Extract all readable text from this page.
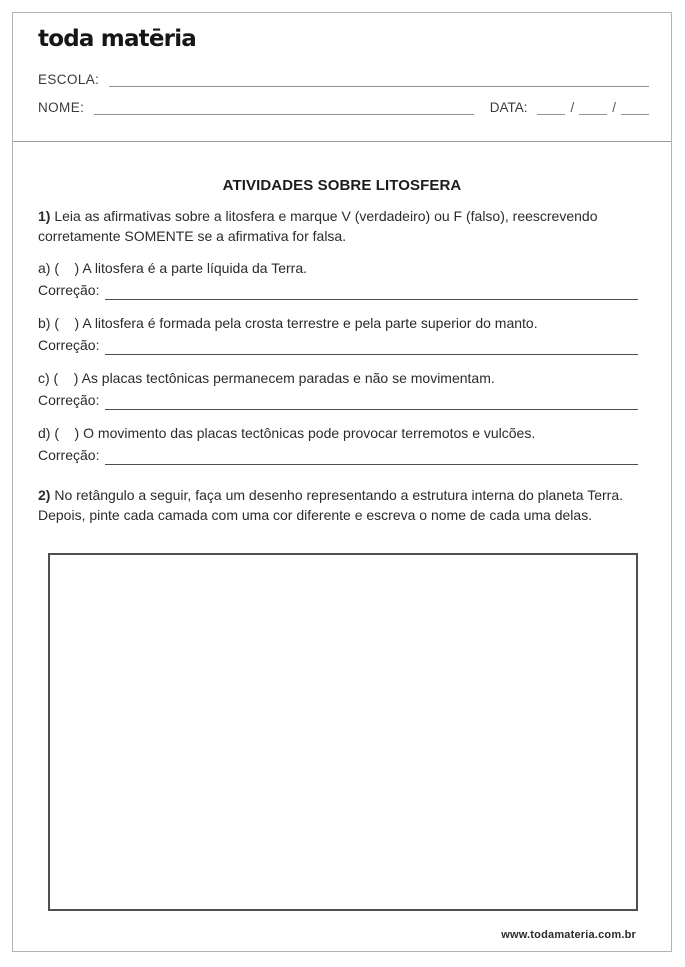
toda matēria
ESCOLA:
NOME:	DATA:	/	/
ATIVIDADES SOBRE LITOSFERA

1) Leia as afirmativas sobre a litosfera e marque V (verdadeiro) ou F (falso), reescrevendo corretamente SOMENTE se a afirmativa for falsa.

a) (    ) A litosfera é a parte líquida da Terra.
Correção:
b) (    ) A litosfera é formada pela crosta terrestre e pela parte superior do manto.
Correção:
c) (    ) As placas tectônicas permanecem paradas e não se movimentam.
Correção:
d) (    ) O movimento das placas tectônicas pode provocar terremotos e vulcões.
Correção:

2) No retângulo a seguir, faça um desenho representando a estrutura interna do planeta Terra. Depois, pinte cada camada com uma cor diferente e escreva o nome de cada uma delas.

www.todamateria.com.br
